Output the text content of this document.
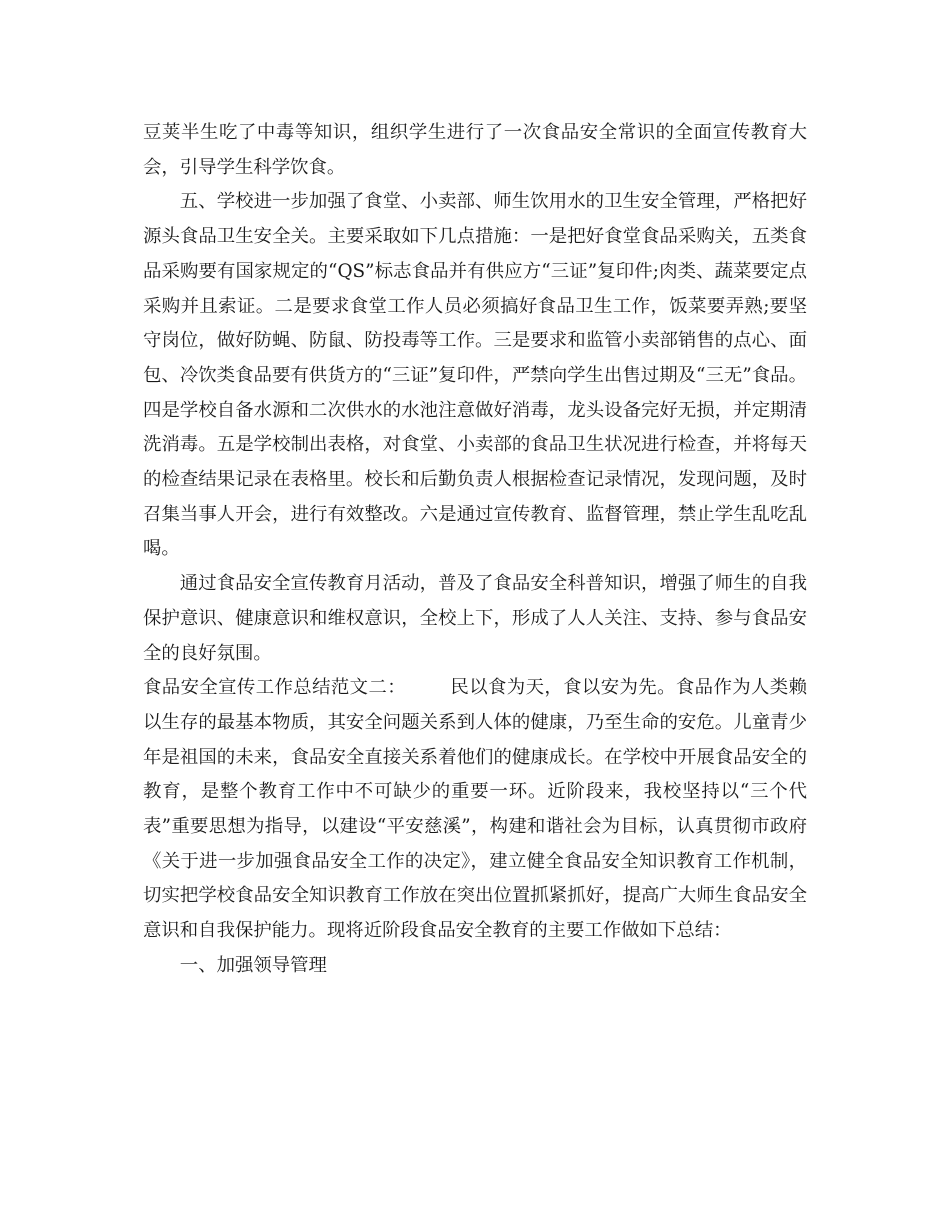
豆荚半生吃了中毒等知识，组织学生进行了一次食品安全常识的全面宣传教育大会，引导学生科学饮食。

五、学校进一步加强了食堂、小卖部、师生饮用水的卫生安全管理，严格把好源头食品卫生安全关。主要采取如下几点措施：一是把好食堂食品采购关，五类食品采购要有国家规定的“QS”标志食品并有供应方“三证”复印件;肉类、蔬菜要定点采购并且索证。二是要求食堂工作人员必须搞好食品卫生工作，饭菜要弄熟;要坚守岗位，做好防蝇、防鼠、防投毒等工作。三是要求和监管小卖部销售的点心、面包、冷饮类食品要有供货方的“三证”复印件，严禁向学生出售过期及“三无”食品。四是学校自备水源和二次供水的水池注意做好消毒，龙头设备完好无损，并定期清洗消毒。五是学校制出表格，对食堂、小卖部的食品卫生状况进行检查，并将每天的检查结果记录在表格里。校长和后勤负责人根据检查记录情况，发现问题，及时召集当事人开会，进行有效整改。六是通过宣传教育、监督管理，禁止学生乱吃乱喝。

通过食品安全宣传教育月活动，普及了食品安全科普知识，增强了师生的自我保护意识、健康意识和维权意识，全校上下，形成了人人关注、支持、参与食品安全的良好氛围。

食品安全宣传工作总结范文二： 民以食为天，食以安为先。食品作为人类赖以生存的最基本物质，其安全问题关系到人体的健康，乃至生命的安危。儿童青少年是祖国的未来，食品安全直接关系着他们的健康成长。在学校中开展食品安全的教育，是整个教育工作中不可缺少的重要一环。近阶段来，我校坚持以“三个代表”重要思想为指导，以建设“平安慈溪”，构建和谐社会为目标，认真贯彻市政府《关于进一步加强食品安全工作的决定》，建立健全食品安全知识教育工作机制，切实把学校食品安全知识教育工作放在突出位置抓紧抓好，提高广大师生食品安全意识和自我保护能力。现将近阶段食品安全教育的主要工作做如下总结：

一、加强领导管理
